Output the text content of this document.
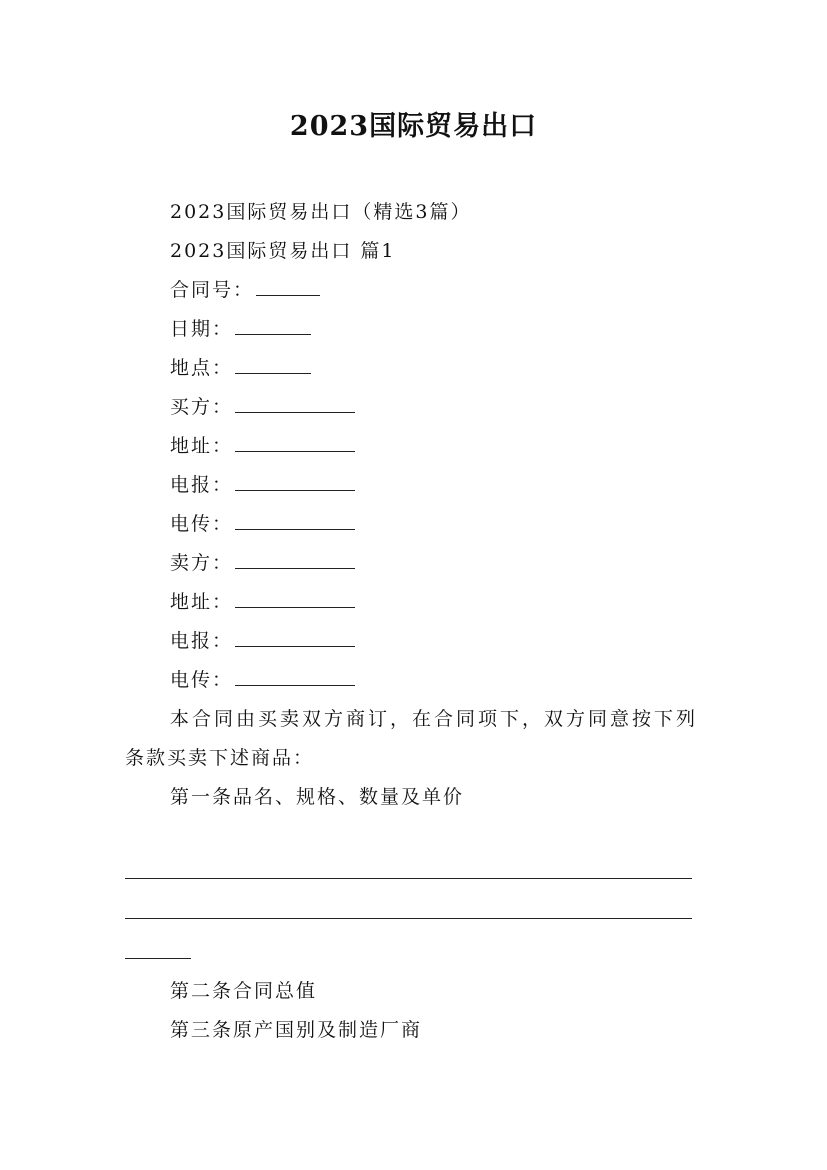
2023国际贸易出口
2023国际贸易出口（精选3篇）
2023国际贸易出口 篇1
合同号：
日期：
地点：
买方：
地址：
电报：
电传：
卖方：
地址：
电报：
电传：
本合同由买卖双方商订，在合同项下，双方同意按下列
条款买卖下述商品：
第一条品名、规格、数量及单价
第二条合同总值
第三条原产国别及制造厂商
